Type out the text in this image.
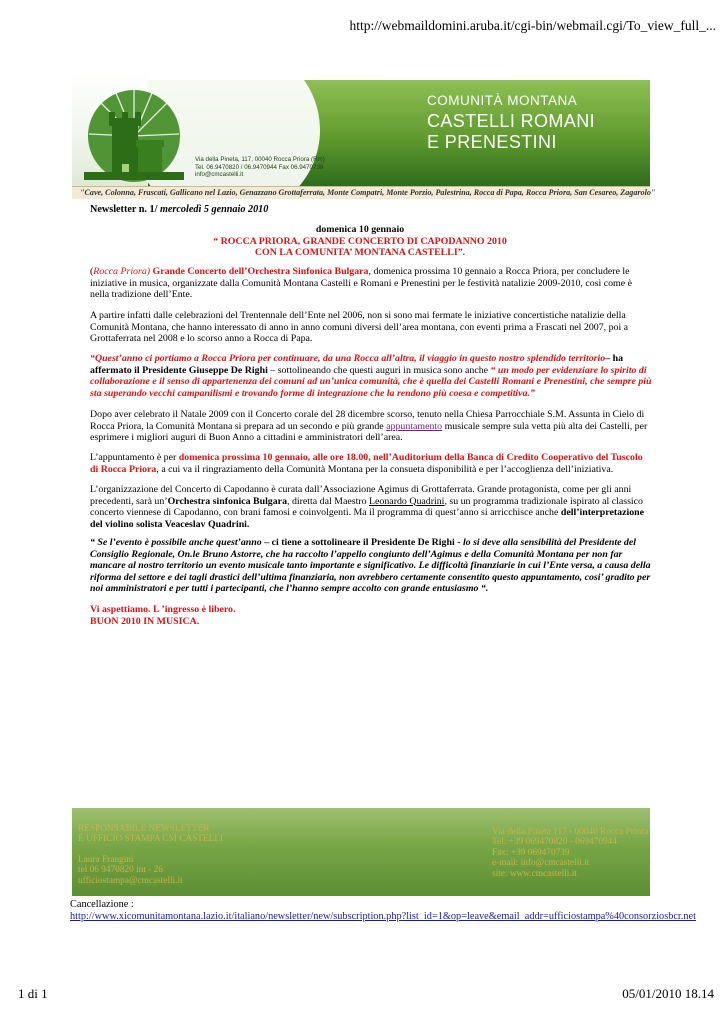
http://webmaildomini.aruba.it/cgi-bin/webmail.cgi/To_view_full_...
COMUNITÀ MONTANA
CASTELLI ROMANI
E PRENESTINI
Via della Pineta, 117, 00040 Rocca Priora (Rm)
Tel. 06.9470820 / 06.9470944 Fax 06.9470739
info@cmcastelli.it
"Cave, Colonna, Frascati, Gallicano nel Lazio, Genazzano Grottaferrata, Monte Compatri, Monte Porzio, Palestrina, Rocca di Papa, Rocca Priora, San Cesareo, Zagarolo"
Newsletter n. 1/ mercoledì 5 gennaio 2010
domenica 10 gennaio
“ ROCCA PRIORA, GRANDE CONCERTO DI CAPODANNO 2010
CON LA COMUNITA’ MONTANA CASTELLI”.
(Rocca Priora) Grande Concerto dell’Orchestra Sinfonica Bulgara, domenica prossima 10 gennaio a Rocca Priora, per concludere le iniziative in musica, organizzate dalla Comunità Montana Castelli e Romani e Prenestini per le festività natalizie 2009-2010, così come è nella tradizione dell’Ente.
A partire infatti dalle celebrazioni del Trentennale dell’Ente nel 2006, non si sono mai fermate le iniziative concertistiche natalizie della Comunità Montana, che hanno interessato di anno in anno comuni diversi dell’area montana, con eventi prima a Frascati nel 2007, poi a Grottaferrata nel 2008 e lo scorso anno a Rocca di Papa.
“Quest’anno ci portiamo a Rocca Priora per continuare, da una Rocca all’altra, il viaggio in questo nostro splendido territorio– ha affermato il Presidente Giuseppe De Righi – sottolineando che questi auguri in musica sono anche “ un modo per evidenziare lo spirito di collaborazione e il senso di appartenenza dei comuni ad un’unica comunità, che è quella dei Castelli Romani e Prenestini, che sempre più sta superando vecchi campanilismi e trovando forme di integrazione che la rendono più coesa e competitiva.”
Dopo aver celebrato il Natale 2009 con il Concerto corale del 28 dicembre scorso, tenuto nella Chiesa Parrocchiale S.M. Assunta in Cielo di Rocca Priora, la Comunità Montana si prepara ad un secondo e più grande appuntamento musicale sempre sula vetta più alta dei Castelli, per esprimere i migliori auguri di Buon Anno a cittadini e amministratori dell’area.
L’appuntamento è per domenica prossima 10 gennaio, alle ore 18.00, nell’Auditorium della Banca di Credito Cooperativo del Tuscolo di Rocca Priora, a cui va il ringraziamento della Comunità Montana per la consueta disponibilità e per l’accoglienza dell’iniziativa.
L’organizzazione del Concerto di Capodanno è curata dall’Associazione Agimus di Grottaferrata. Grande protagonista, come per gli anni precedenti, sarà un’Orchestra sinfonica Bulgara, diretta dal Maestro Leonardo Quadrini, su un programma tradizionale ispirato al classico concerto viennese di Capodanno, con brani famosi e coinvolgenti. Ma il programma di quest’anno si arricchisce anche dell’interpretazione del violino solista Veaceslav Quadrini.
“ Se l’evento è possibile anche quest’anno – ci tiene a sottolineare il Presidente De Righi - lo si deve alla sensibilità del Presidente del Consiglio Regionale, On.le Bruno Astorre, che ha raccolto l’appello congiunto dell’Agimus e della Comunità Montana per non far mancare al nostro territorio un evento musicale tanto importante e significativo. Le difficoltà finanziarie in cui l’Ente versa, a causa della riforma del settore e dei tagli drastici dell’ultima finanziaria, non avrebbero certamente consentito questo appuntamento, cosi’ gradito per noi amministratori e per tutti i partecipanti, che l’hanno sempre accolto con grande entusiasmo “.
Vi aspettiamo. L ’ingresso è libero.
BUON 2010 IN MUSICA.
RESPONSABILE NEWSLETTER
E UFFICIO STAMPA CM CASTELLI
Laura Frangini
tel 06 9470820 int - 26
ufficiostampa@cmcastelli.it
Via della Pineta 117 - 00040 Rocca Priora
Tel: +39 069470820 - 069470944
Fax: +39 069470739
e-mail: info@cmcastelli.it
site: www.cmcastelli.it
Cancellazione :
http://www.xicomunitamontana.lazio.it/italiano/newsletter/new/subscription.php?list_id=1&op=leave&email_addr=ufficiostampa%40consorziosbcr.net
1 di 1	05/01/2010 18.14
